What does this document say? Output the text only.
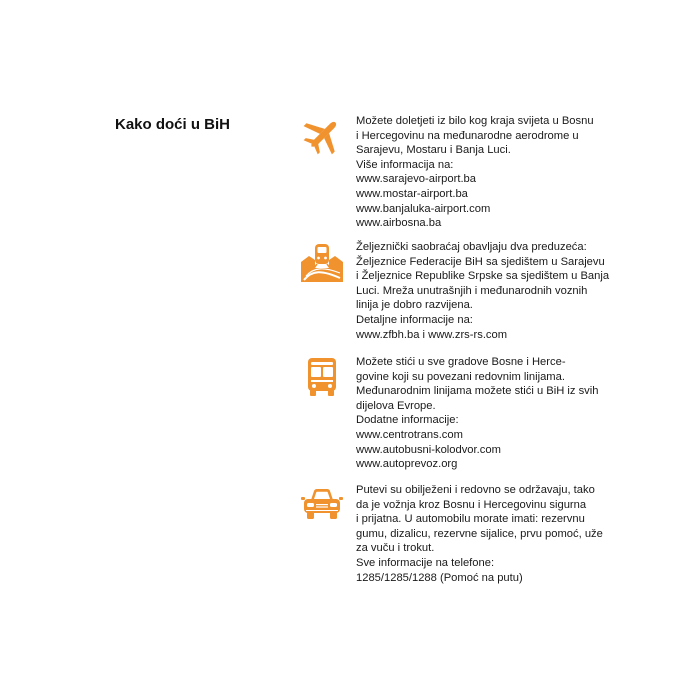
Kako doći u BiH	Možete doletjeti iz bilo kog kraja svijeta u Bosnu
i Hercegovinu na međunarodne aerodrome u
Sarajevu, Mostaru i Banja Luci.
Više informacija na:
www.sarajevo-airport.ba
www.mostar-airport.ba
www.banjaluka-airport.com
www.airbosna.ba
Željeznički saobraćaj obavljaju dva preduzeća:
Željeznice Federacije BiH sa sjedištem u Sarajevu
i Željeznice Republike Srpske sa sjedištem u Banja
Luci. Mreža unutrašnjih i međunarodnih voznih
linija je dobro razvijena.
Detaljne informacije na:
www.zfbh.ba i www.zrs-rs.com
Možete stići u sve gradove Bosne i Herce-
govine koji su povezani redovnim linijama.
Međunarodnim linijama možete stići u BiH iz svih
dijelova Evrope.
Dodatne informacije:
www.centrotrans.com
www.autobusni-kolodvor.com
www.autoprevoz.org
Putevi su obilježeni i redovno se održavaju, tako
da je vožnja kroz Bosnu i Hercegovinu sigurna
i prijatna. U automobilu morate imati: rezervnu
gumu, dizalicu, rezervne sijalice, prvu pomoć, uže
za vuču i trokut.
Sve informacije na telefone:
1285/1285/1288 (Pomoć na putu)
